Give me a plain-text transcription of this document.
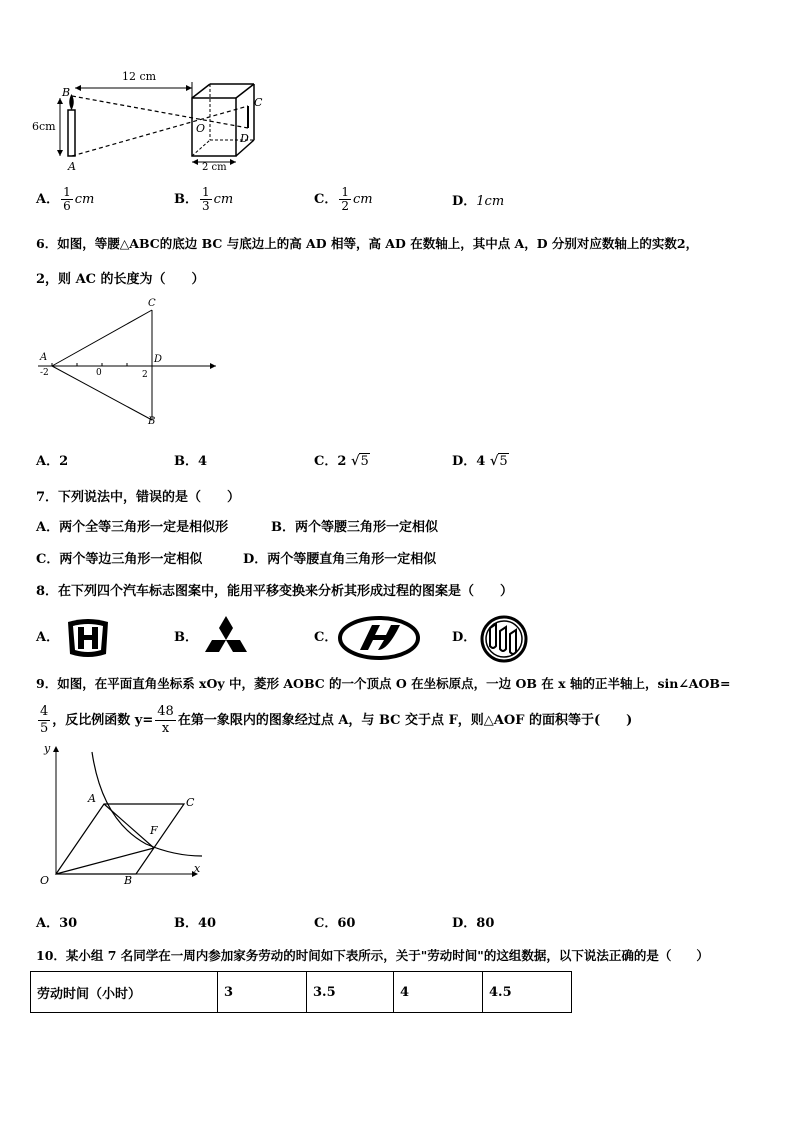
12 cm
6cm
2 cm
B
A
O
C
D
A． $\frac{1}{6}$ cm	B． $\frac{1}{3}$ cm	C． $\frac{1}{2}$ cm	D．1cm
6．如图，等腰△ABC的底边 BC 与底边上的高 AD 相等，高 AD 在数轴上，其中点 A，D 分别对应数轴上的实数2，
2，则 AC 的长度为（　　）
A
C
D
B
-2	0	2
A．2	B．4	C．2 √5	D．4 √5
7．下列说法中，错误的是（　　）
A．两个全等三角形一定是相似形	B．两个等腰三角形一定相似
C．两个等边三角形一定相似	D．两个等腰直角三角形一定相似
8．在下列四个汽车标志图案中，能用平移变换来分析其形成过程的图案是（　　）
A．	B．	C．	D．
9．如图，在平面直角坐标系 xOy 中，菱形 AOBC 的一个顶点 O 在坐标原点，一边 OB 在 x 轴的正半轴上，sin∠AOB=
$\frac{4}{5}$ ，反比例函数 $y= \frac{48}{x}$ 在第一象限内的图象经过点 A，与 BC 交于点 F，则△AOF 的面积等于(　　)
y
x
O
A	C
F
B
A．30	B．40	C．60	D．80
10．某小组 7 名同学在一周内参加家务劳动的时间如下表所示，关于"劳动时间"的这组数据，以下说法正确的是（　　）
劳动时间（小时）	3	3.5	4	4.5
